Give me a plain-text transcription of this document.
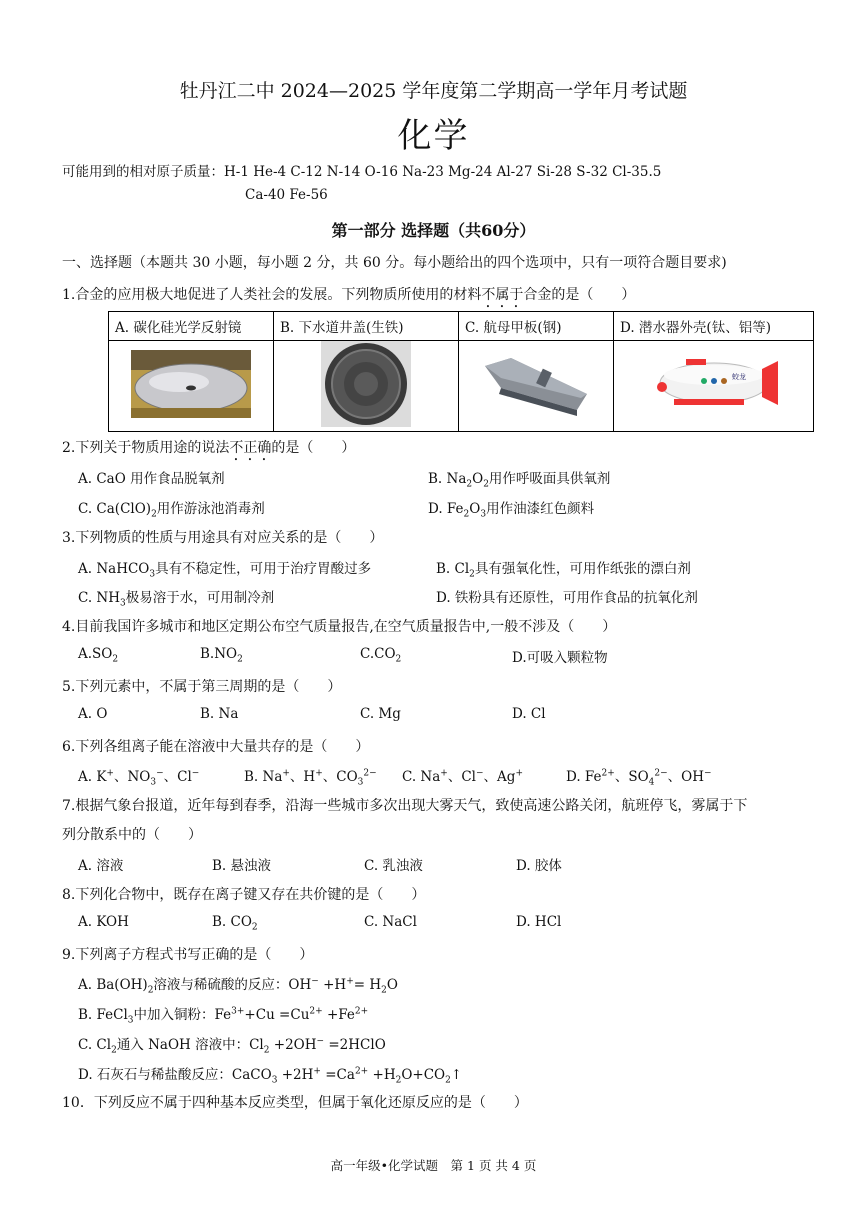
牡丹江二中 2024—2025 学年度第二学期高一学年月考试题
化学
可能用到的相对原子质量：H-1 He-4 C-12 N-14 O-16 Na-23 Mg-24 Al-27 Si-28 S-32 Cl-35.5
Ca-40 Fe-56
第一部分 选择题（共60分）
一、选择题（本题共 30 小题，每小题 2 分，共 60 分。每小题给出的四个选项中，只有一项符合题目要求)
1.合金的应用极大地促进了人类社会的发展。下列物质所使用的材料不属于合金的是（　　）
A. 碳化硅光学反射镜	B. 下水道井盖(生铁)	C. 航母甲板(钢)	D. 潜水器外壳(钛、铝等)

蛟龙
2.下列关于物质用途的说法不正确的是（　　）
A. CaO 用作食品脱氧剂	B. $Na_2O_2$用作呼吸面具供氧剂
C. $Ca(ClO)_2$用作游泳池消毒剂	D. $Fe_2O_3$用作油漆红色颜料
3.下列物质的性质与用途具有对应关系的是（　　）
A. NaHCO$_3$具有不稳定性，可用于治疗胃酸过多	B. $Cl_2$具有强氧化性，可用作纸张的漂白剂
C. $NH_3$极易溶于水，可用制冷剂	D. 铁粉具有还原性，可用作食品的抗氧化剂
4.目前我国许多城市和地区定期公布空气质量报告,在空气质量报告中,一般不涉及（　　）
$A.SO_2$	$B.NO_2$	$C.CO_2$	D.可吸入颗粒物
5.下列元素中，不属于第三周期的是（　　）
A. O	B. Na	C. Mg	D. Cl
6.下列各组离子能在溶液中大量共存的是（　　）
A. K+、$NO_3^-$、Cl−	B. Na+、H+、$CO_3^{2-}$ C. Na+、Cl−、Ag+	D. $Fe^{2+}$、$SO_4^{2-}$、OH−
7.根据气象台报道，近年每到春季，沿海一些城市多次出现大雾天气，致使高速公路关闭，航班停飞，雾属于下
列分散系中的（　　）
A. 溶液	B. 悬浊液	C. 乳浊液	D. 胶体
8.下列化合物中，既存在离子键又存在共价键的是（　　）
A. KOH	B. $CO_2$	C. NaCl	D. HCl
9.下列离子方程式书写正确的是（　　）
A. $Ba(OH)_2$溶液与稀硫酸的反应：$OH^- +H^+= H_2O$
B. FeCl$_3$中加入铜粉：$Fe^{3+}+Cu =Cu^{2+} +Fe^{2+}$
C. $Cl_2$通入 NaOH 溶液中：$Cl_2 +2OH^-$ =2HClO
D. 石灰石与稀盐酸反应：CaCO$_3$ $+2H^+ =Ca^{2+}$ $+H_2O+CO_2↑$
10．下列反应不属于四种基本反应类型，但属于氧化还原反应的是（　　）
高一年级•化学试题　第 1 页 共 4 页
